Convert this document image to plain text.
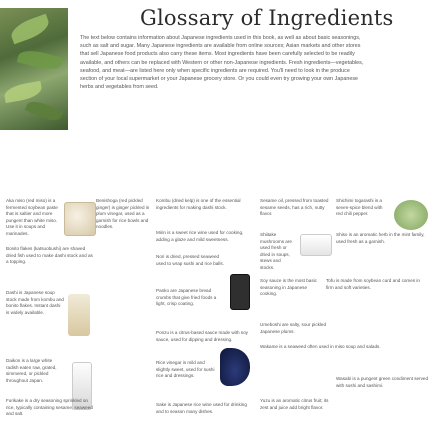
Glossary of Ingredients
The text below contains information about Japanese ingredients used in this book, as well as about basic seasonings, such as salt and sugar. Many Japanese ingredients are available from online sources; Asian markets and other stores that sell Japanese food products also carry these items. Most ingredients have been carefully selected to be readily available, and others can be replaced with Western or other non-Japanese ingredients. Fresh ingredients—vegetables, seafood, and meat—are listed here only when specific ingredients are required. You'll need to look in the produce section of your local supermarket or your Japanese grocery store. Or you could even try growing your own Japanese herbs and vegetables from seed.
Aka miso (red miso) is a fermented soybean paste that is saltier and more pungent than white miso. Use it in soups and marinades.
Benishoga (red pickled ginger) is ginger pickled in plum vinegar, used as a garnish for rice bowls and noodles.
Bonito flakes (katsuobushi) are shaved dried fish used to make dashi stock and as a topping.
Dashi is Japanese soup stock made from kombu and bonito flakes. Instant dashi is widely available.
Daikon is a large white radish eaten raw, grated, simmered, or pickled throughout Japan.
Furikake is a dry seasoning sprinkled on rice, typically containing sesame, seaweed and salt.
Kombu (dried kelp) is one of the essential ingredients for making dashi stock.
Mirin is a sweet rice wine used for cooking, adding a glaze and mild sweetness.
Nori is dried, pressed seaweed used to wrap sushi and rice balls.
Panko are Japanese bread crumbs that give fried foods a light, crisp coating.
Ponzu is a citrus-based sauce made with soy sauce, used for dipping and dressing.
Rice vinegar is mild and slightly sweet, used for sushi rice and dressings.
Sake is Japanese rice wine used for drinking and to season many dishes.
Sesame oil, pressed from toasted sesame seeds, has a rich, nutty flavor.
Shichimi togarashi is a seven-spice blend with red chili pepper.
Shiitake mushrooms are used fresh or dried in soups, stews and stocks.
Shiso is an aromatic herb in the mint family, used fresh as a garnish.
Soy sauce is the most basic seasoning in Japanese cooking.
Tofu is made from soybean curd and comes in firm and soft varieties.
Umeboshi are salty, sour pickled Japanese plums.
Wakame is a seaweed often used in miso soup and salads.
Wasabi is a pungent green condiment served with sushi and sashimi.
Yuzu is an aromatic citrus fruit; its zest and juice add bright flavor.
